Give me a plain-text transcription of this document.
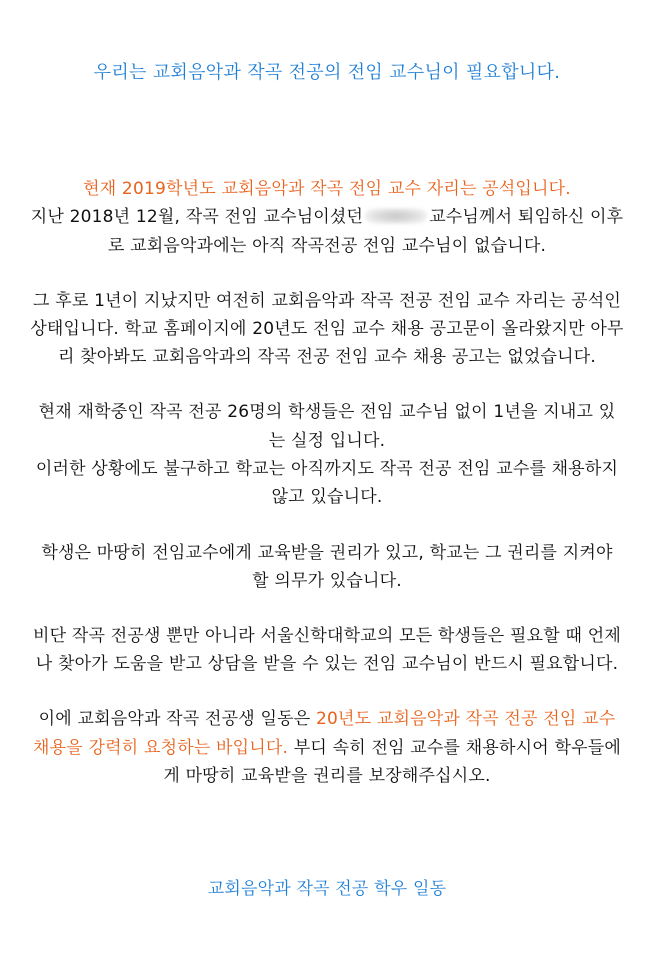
우리는 교회음악과 작곡 전공의 전임 교수님이 필요합니다.
현재 2019학년도 교회음악과 작곡 전임 교수 자리는 공석입니다.
지난 2018년 12월, 작곡 전임 교수님이셨던	교수님께서 퇴임하신 이후
로 교회음악과에는 아직 작곡전공 전임 교수님이 없습니다.
그 후로 1년이 지났지만 여전히 교회음악과 작곡 전공 전임 교수 자리는 공석인
상태입니다. 학교 홈페이지에 20년도 전임 교수 채용 공고문이 올라왔지만 아무
리 찾아봐도 교회음악과의 작곡 전공 전임 교수 채용 공고는 없었습니다.
현재 재학중인 작곡 전공 26명의 학생들은 전임 교수님 없이 1년을 지내고 있
는 실정 입니다.
이러한 상황에도 불구하고 학교는 아직까지도 작곡 전공 전임 교수를 채용하지
않고 있습니다.
학생은 마땅히 전임교수에게 교육받을 권리가 있고, 학교는 그 권리를 지켜야
할 의무가 있습니다.
비단 작곡 전공생 뿐만 아니라 서울신학대학교의 모든 학생들은 필요할 때 언제
나 찾아가 도움을 받고 상담을 받을 수 있는 전임 교수님이 반드시 필요합니다.
이에 교회음악과 작곡 전공생 일동은 20년도 교회음악과 작곡 전공 전임 교수
채용을 강력히 요청하는 바입니다. 부디 속히 전임 교수를 채용하시어 학우들에
게 마땅히 교육받을 권리를 보장해주십시오.
교회음악과 작곡 전공 학우 일동
